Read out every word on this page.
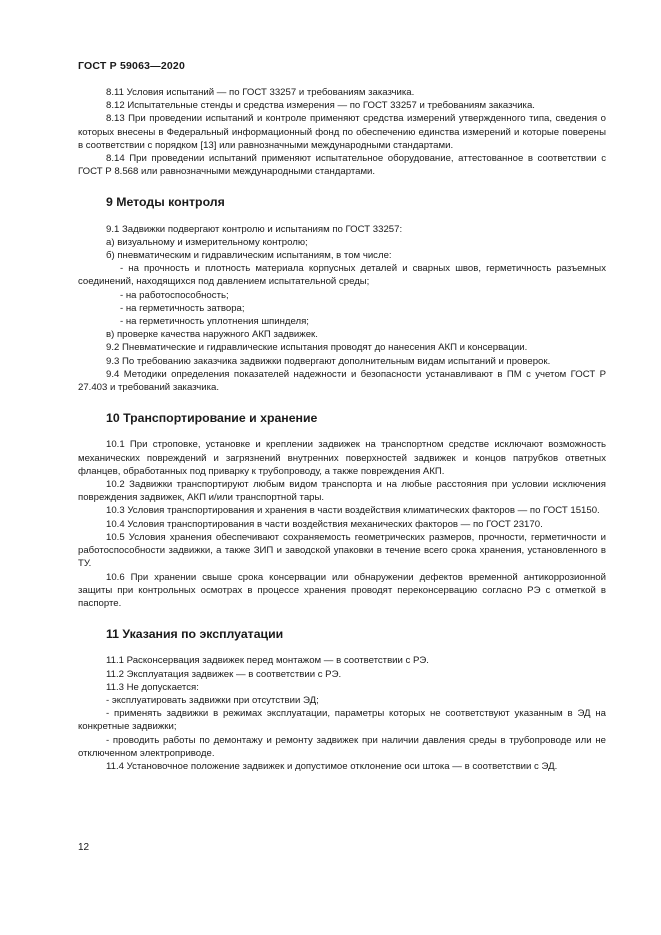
ГОСТ Р 59063—2020

8.11 Условия испытаний — по ГОСТ 33257 и требованиям заказчика.

8.12 Испытательные стенды и средства измерения — по ГОСТ 33257 и требованиям заказчика.

8.13 При проведении испытаний и контроле применяют средства измерений утвержденного типа, сведения о которых внесены в Федеральный информационный фонд по обеспечению единства измерений и которые поверены в соответствии с порядком [13] или равнозначными международными стандартами.

8.14 При проведении испытаний применяют испытательное оборудование, аттестованное в соответствии с ГОСТ Р 8.568 или равнозначными международными стандартами.

9 Методы контроля

9.1 Задвижки подвергают контролю и испытаниям по ГОСТ 33257:

а) визуальному и измерительному контролю;

б) пневматическим и гидравлическим испытаниям, в том числе:

- на прочность и плотность материала корпусных деталей и сварных швов, герметичность разъемных соединений, находящихся под давлением испытательной среды;

- на работоспособность;

- на герметичность затвора;

- на герметичность уплотнения шпинделя;

в) проверке качества наружного АКП задвижек.

9.2 Пневматические и гидравлические испытания проводят до нанесения АКП и консервации.

9.3 По требованию заказчика задвижки подвергают дополнительным видам испытаний и проверок.

9.4 Методики определения показателей надежности и безопасности устанавливают в ПМ с учетом ГОСТ Р 27.403 и требований заказчика.

10 Транспортирование и хранение

10.1 При строповке, установке и креплении задвижек на транспортном средстве исключают возможность механических повреждений и загрязнений внутренних поверхностей задвижек и концов патрубков ответных фланцев, обработанных под приварку к трубопроводу, а также повреждения АКП.

10.2 Задвижки транспортируют любым видом транспорта и на любые расстояния при условии исключения повреждения задвижек, АКП и/или транспортной тары.

10.3 Условия транспортирования и хранения в части воздействия климатических факторов — по ГОСТ 15150.

10.4 Условия транспортирования в части воздействия механических факторов — по ГОСТ 23170.

10.5 Условия хранения обеспечивают сохраняемость геометрических размеров, прочности, герметичности и работоспособности задвижки, а также ЗИП и заводской упаковки в течение всего срока хранения, установленного в ТУ.

10.6 При хранении свыше срока консервации или обнаружении дефектов временной антикоррозионной защиты при контрольных осмотрах в процессе хранения проводят переконсервацию согласно РЭ с отметкой в паспорте.

11 Указания по эксплуатации

11.1 Расконсервация задвижек перед монтажом — в соответствии с РЭ.

11.2 Эксплуатация задвижек — в соответствии с РЭ.

11.3 Не допускается:

- эксплуатировать задвижки при отсутствии ЭД;

- применять задвижки в режимах эксплуатации, параметры которых не соответствуют указанным в ЭД на конкретные задвижки;

- проводить работы по демонтажу и ремонту задвижек при наличии давления среды в трубопроводе или не отключенном электроприводе.

11.4 Установочное положение задвижек и допустимое отклонение оси штока — в соответствии с ЭД.

12
